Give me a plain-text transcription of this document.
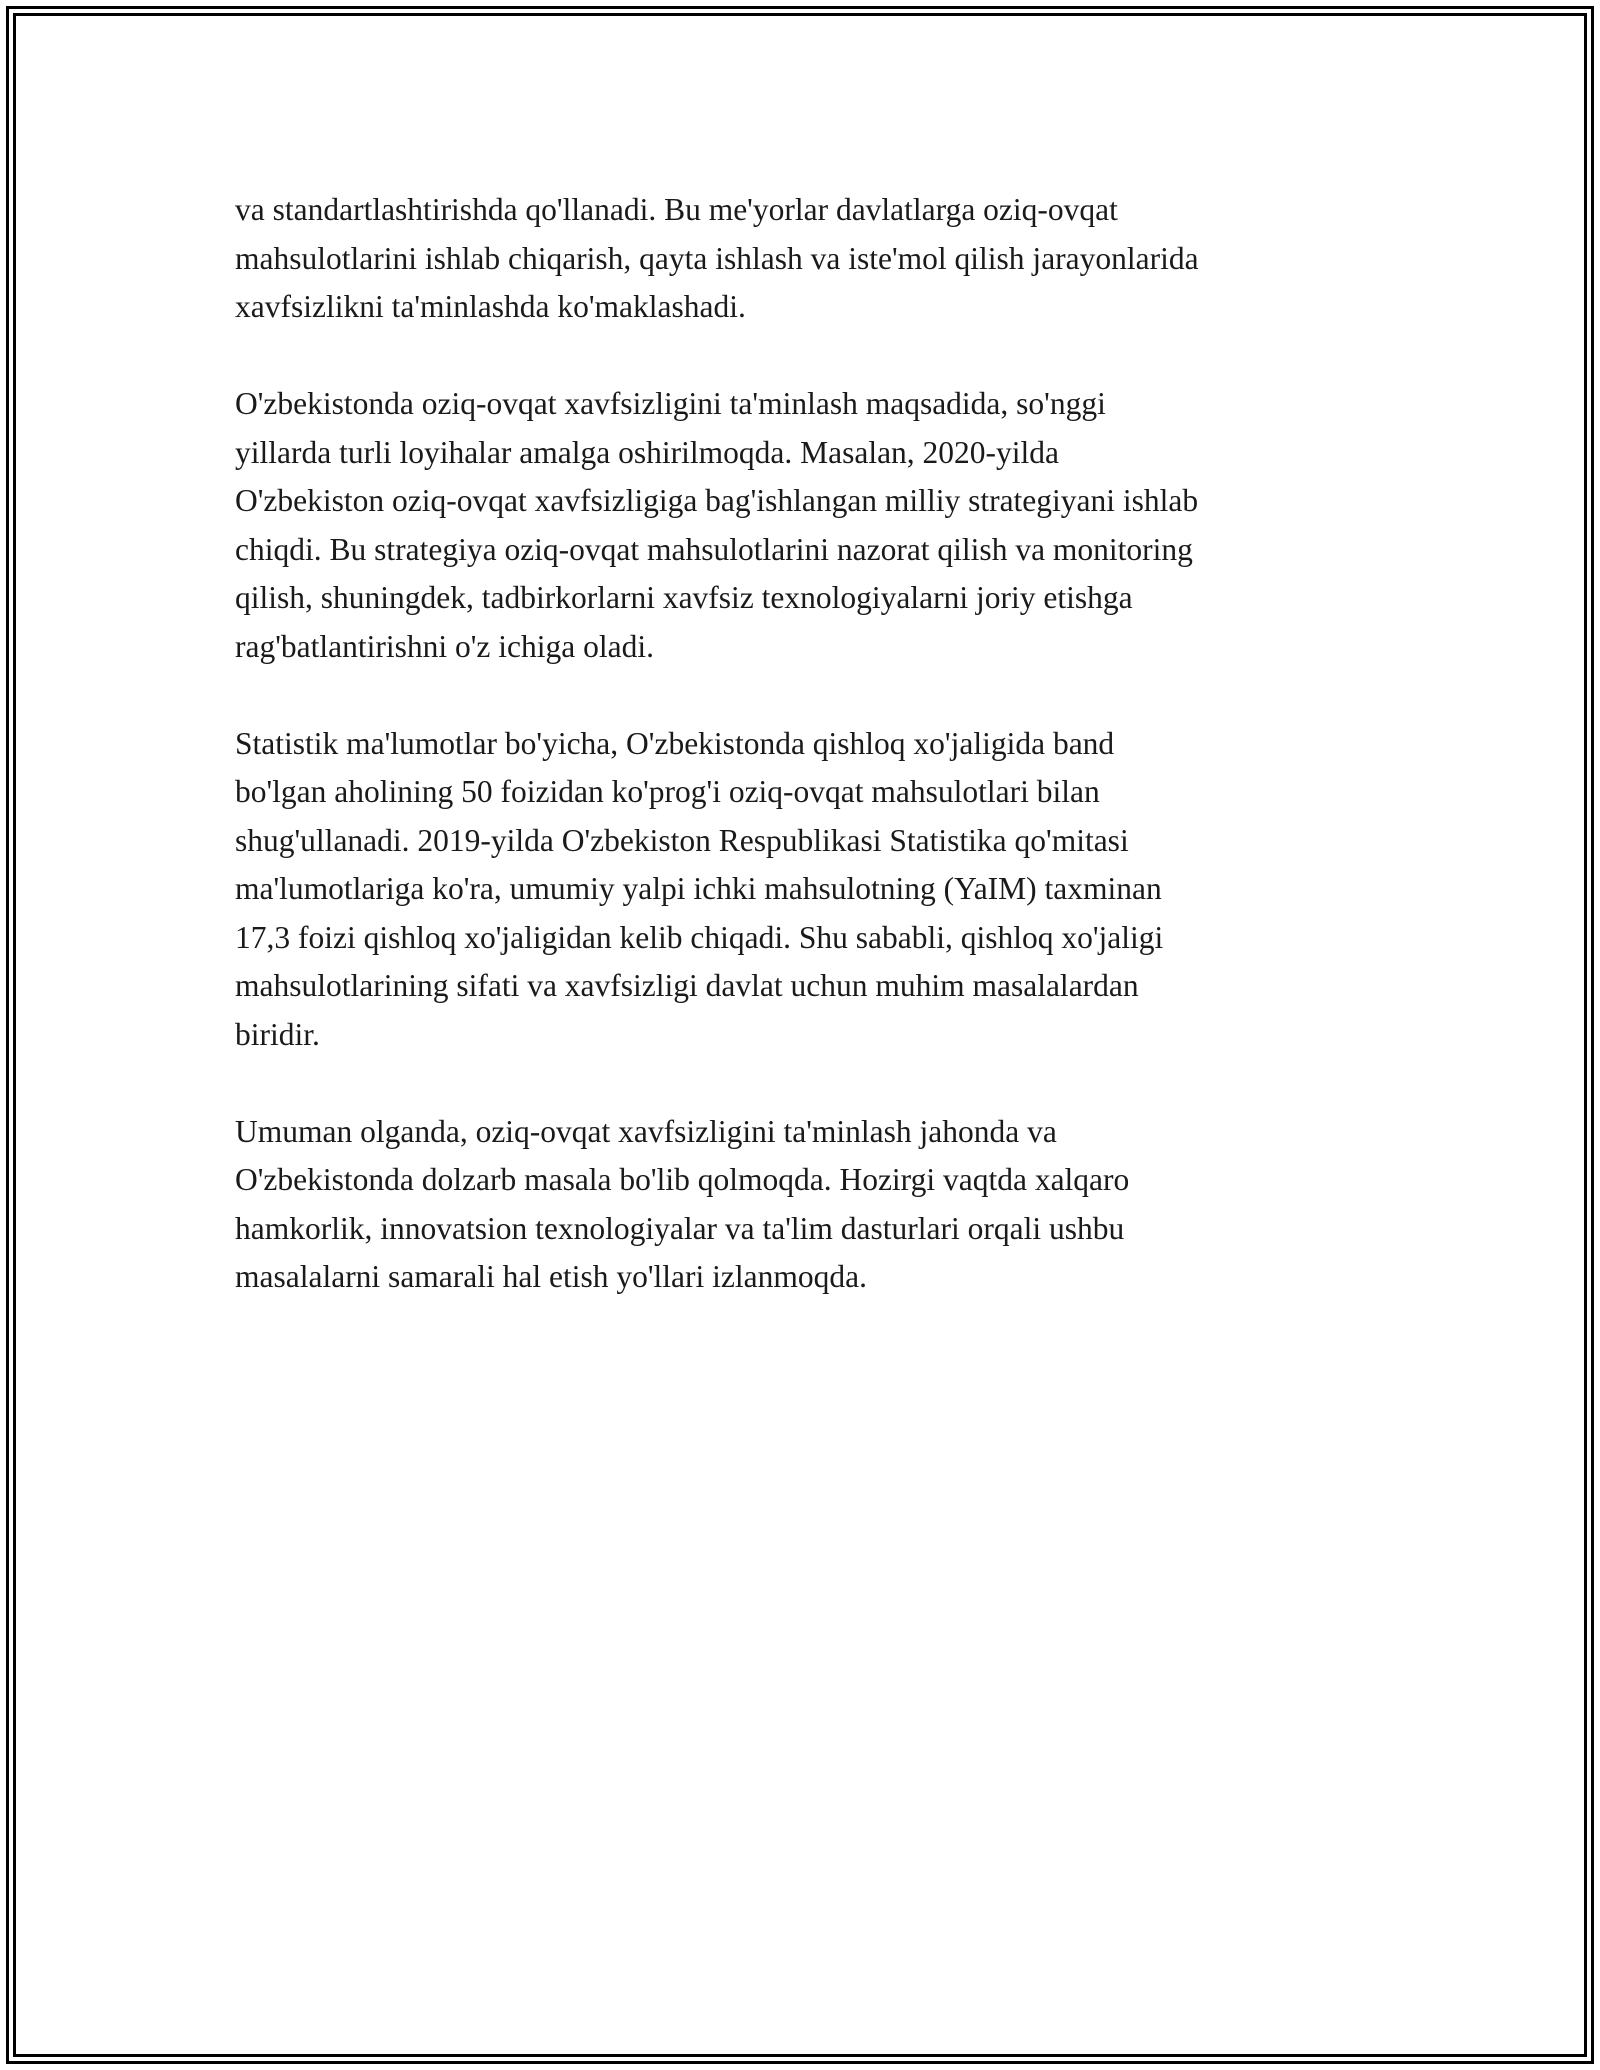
va standartlashtirishda qo'llanadi. Bu me'yorlar davlatlarga oziq-ovqat
mahsulotlarini ishlab chiqarish, qayta ishlash va iste'mol qilish jarayonlarida
xavfsizlikni ta'minlashda ko'maklashadi.

O'zbekistonda oziq-ovqat xavfsizligini ta'minlash maqsadida, so'nggi
yillarda turli loyihalar amalga oshirilmoqda. Masalan, 2020-yilda
O'zbekiston oziq-ovqat xavfsizligiga bag'ishlangan milliy strategiyani ishlab
chiqdi. Bu strategiya oziq-ovqat mahsulotlarini nazorat qilish va monitoring
qilish, shuningdek, tadbirkorlarni xavfsiz texnologiyalarni joriy etishga
rag'batlantirishni o'z ichiga oladi.

Statistik ma'lumotlar bo'yicha, O'zbekistonda qishloq xo'jaligida band
bo'lgan aholining 50 foizidan ko'prog'i oziq-ovqat mahsulotlari bilan
shug'ullanadi. 2019-yilda O'zbekiston Respublikasi Statistika qo'mitasi
ma'lumotlariga ko'ra, umumiy yalpi ichki mahsulotning (YaIM) taxminan
17,3 foizi qishloq xo'jaligidan kelib chiqadi. Shu sababli, qishloq xo'jaligi
mahsulotlarining sifati va xavfsizligi davlat uchun muhim masalalardan
biridir.

Umuman olganda, oziq-ovqat xavfsizligini ta'minlash jahonda va
O'zbekistonda dolzarb masala bo'lib qolmoqda. Hozirgi vaqtda xalqaro
hamkorlik, innovatsion texnologiyalar va ta'lim dasturlari orqali ushbu
masalalarni samarali hal etish yo'llari izlanmoqda.
